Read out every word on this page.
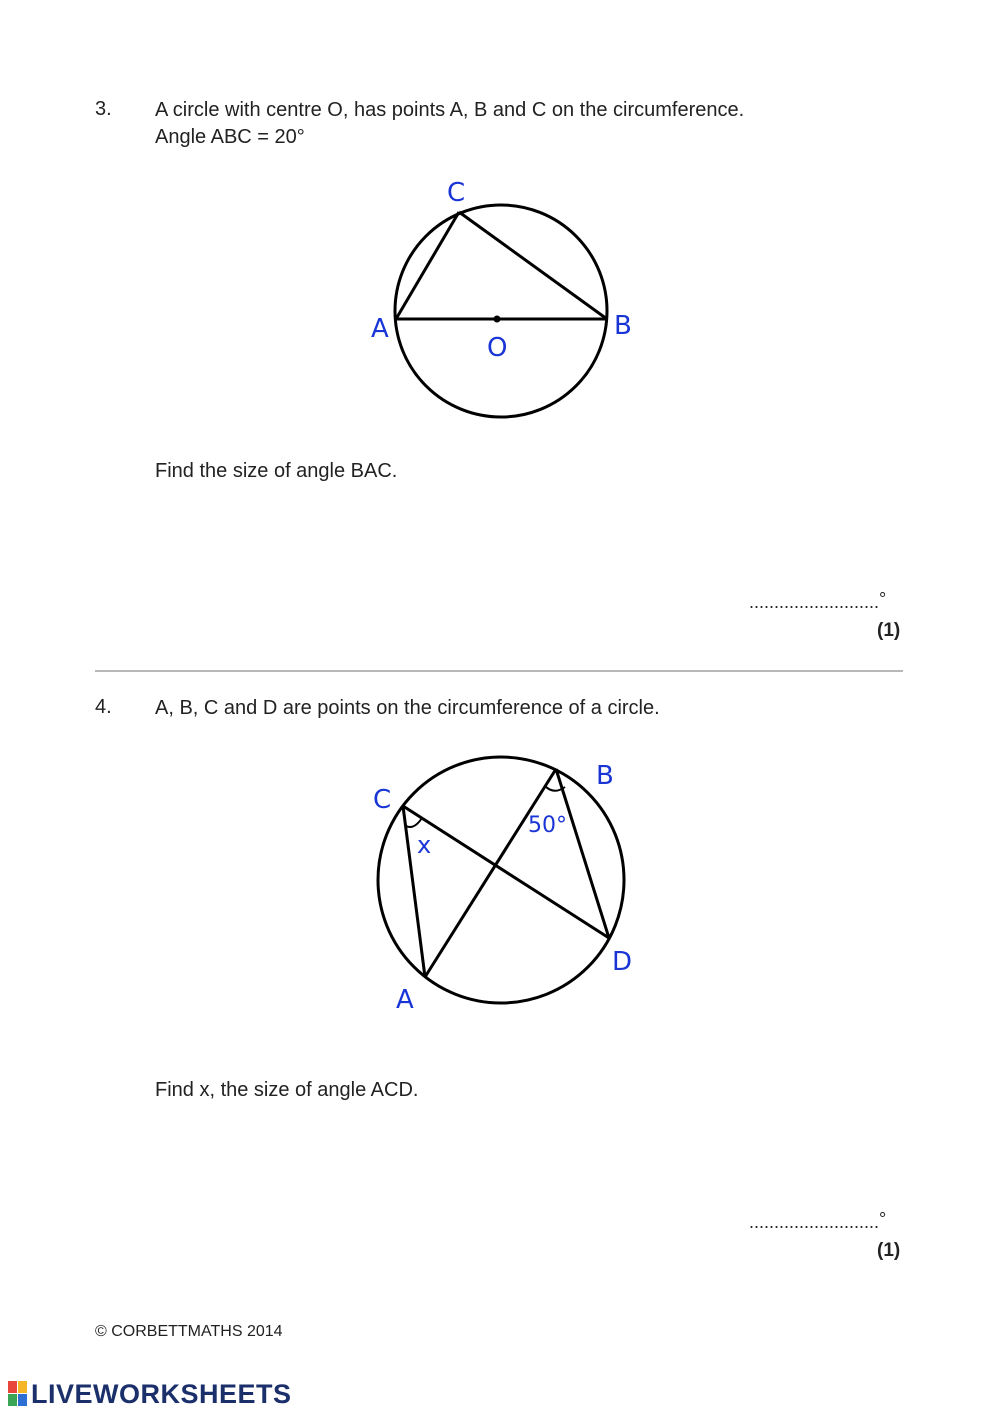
3. A circle with centre O, has points A, B and C on the circumference.
Angle ABC = 20°
C
A	B
O
Find the size of angle BAC.
..........................°
(1)
4. A, B, C and D are points on the circumference of a circle.
C
B
A
D
x
50°
Find x, the size of angle ACD.
..........................°
(1)
© CORBETTMATHS 2014
LIVEWORKSHEETS
